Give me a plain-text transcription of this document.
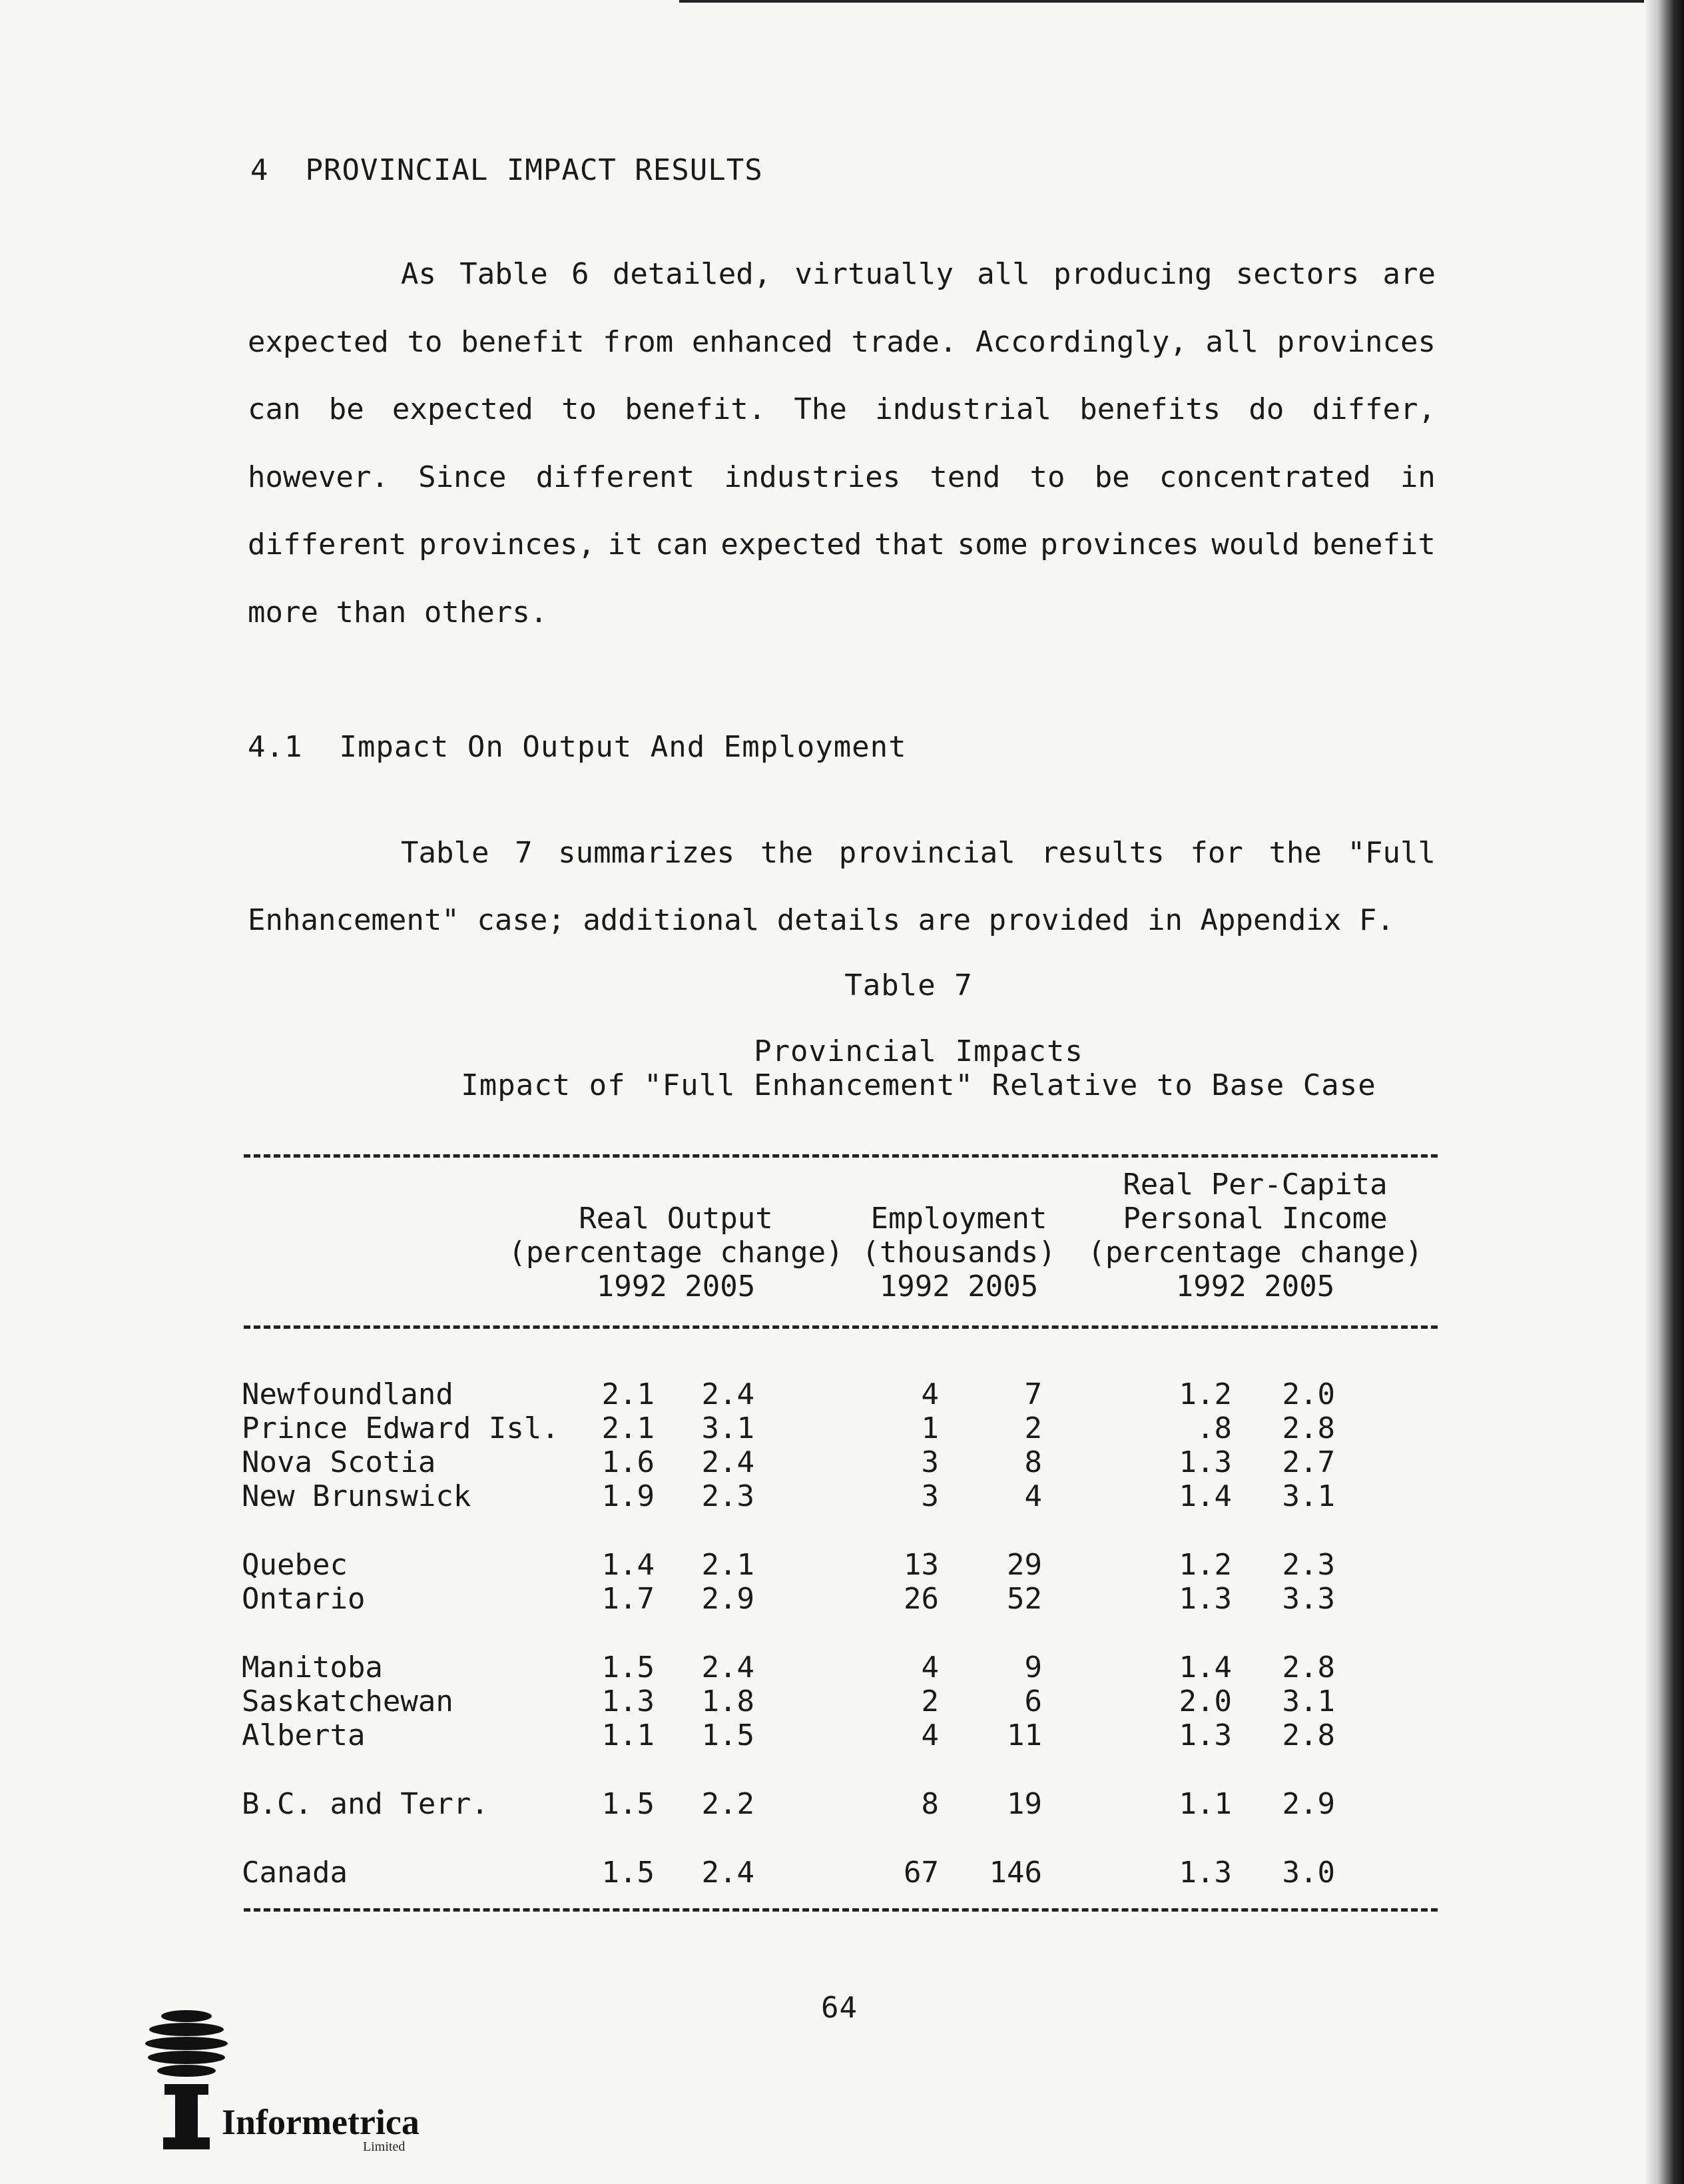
4  PROVINCIAL IMPACT RESULTS
As Table 6 detailed, virtually all producing sectors are
expected to benefit from enhanced trade. Accordingly, all provinces
can be expected to benefit. The industrial benefits do differ,
however. Since different industries tend to be concentrated in
different provinces, it can expected that some provinces would benefit
more than others.
4.1  Impact On Output And Employment
Table 7 summarizes the provincial results for the "Full
Enhancement" case; additional details are provided in Appendix F.
Table 7
Provincial Impacts
Impact of "Full Enhancement" Relative to Base Case
Real Output
(percentage change)
1992 2005
Employment
(thousands)
1992 2005
Real Per-Capita
Personal Income
(percentage change)
1992 2005
Newfoundland	2.1	2.4	4	7	1.2	2.0
Prince Edward Isl.	2.1	3.1	1	2	.8	2.8
Nova Scotia	1.6	2.4	3	8	1.3	2.7
New Brunswick	1.9	2.3	3	4	1.4	3.1
Quebec	1.4	2.1	13	29	1.2	2.3
Ontario	1.7	2.9	26	52	1.3	3.3
Manitoba	1.5	2.4	4	9	1.4	2.8
Saskatchewan	1.3	1.8	2	6	2.0	3.1
Alberta	1.1	1.5	4	11	1.3	2.8
B.C. and Terr.	1.5	2.2	8	19	1.1	2.9
Canada	1.5	2.4	67	146	1.3	3.0
64
Informetrica
Limited
